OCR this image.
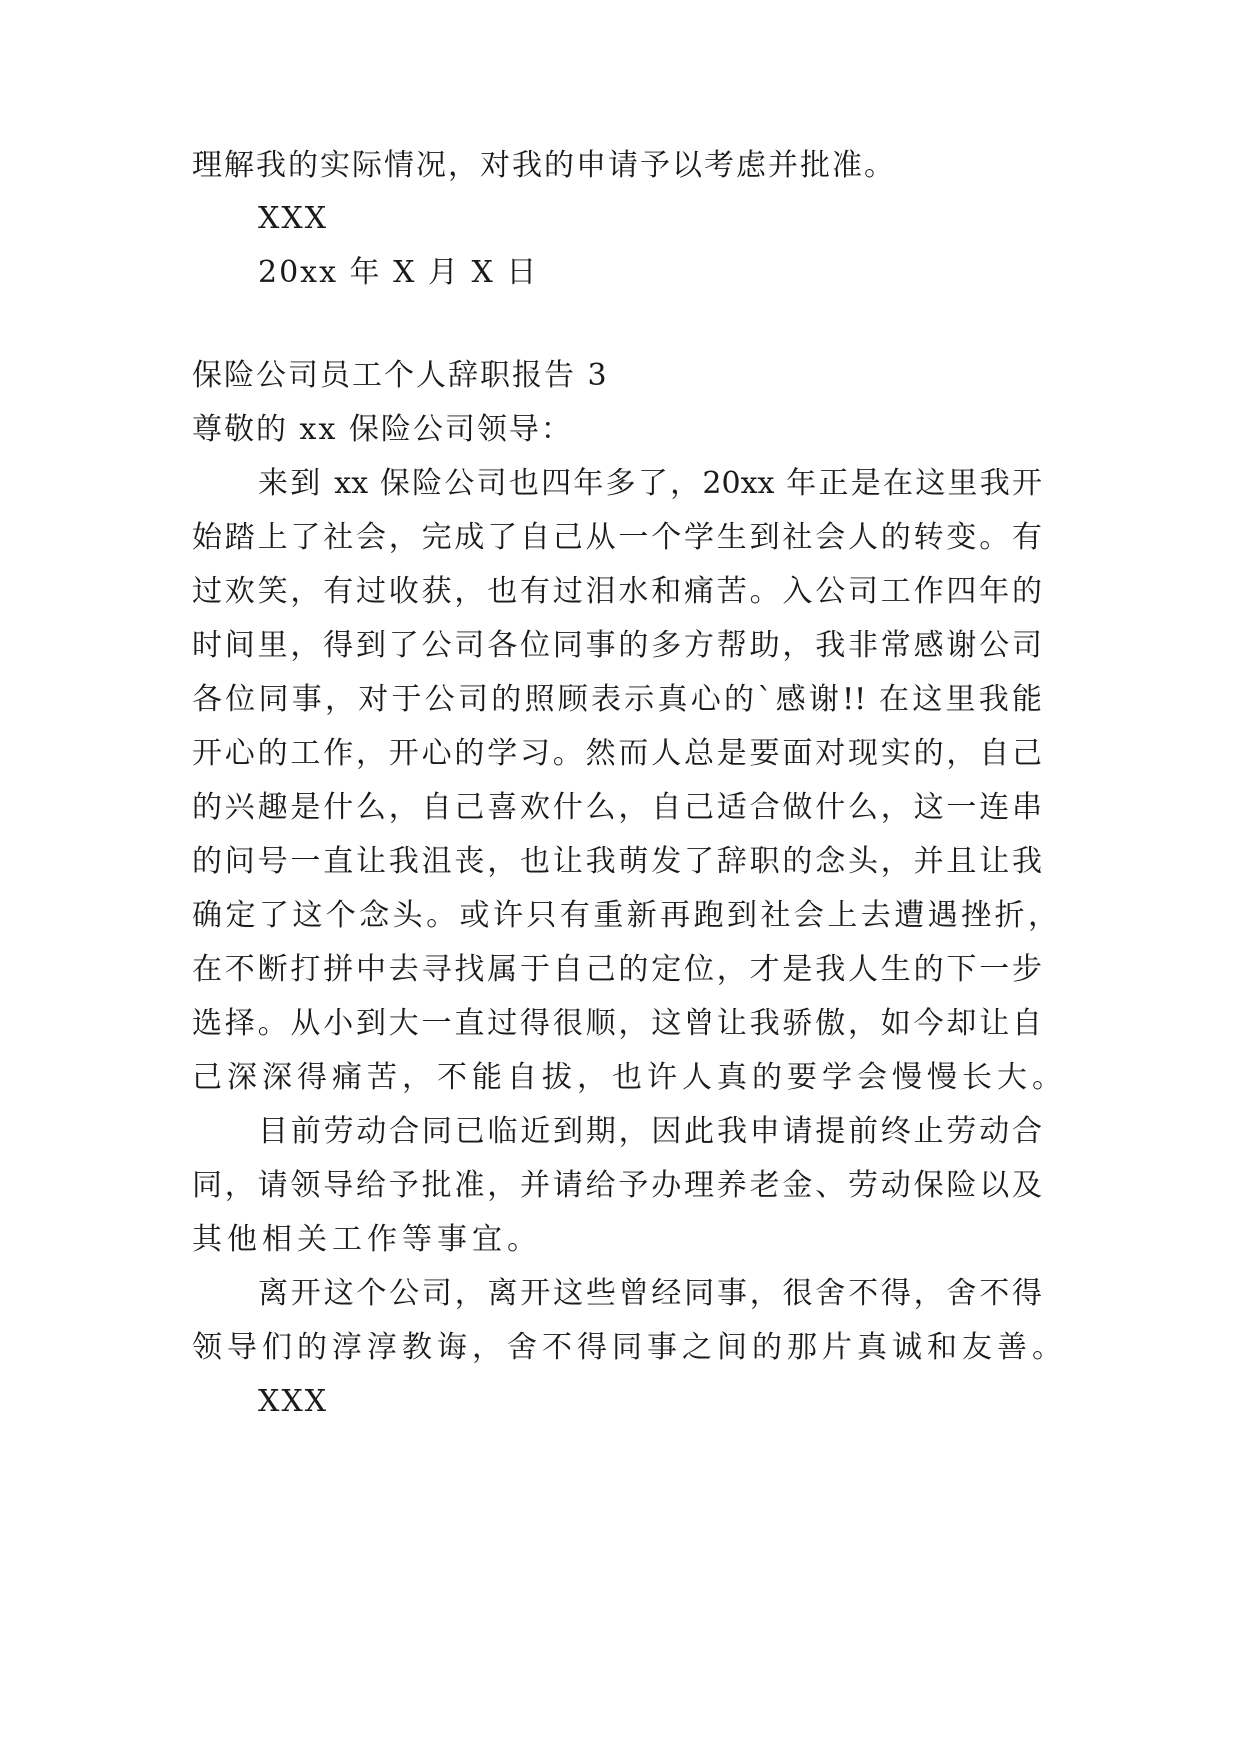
理解我的实际情况，对我的申请予以考虑并批准。
XXX
20xx 年 X 月 X 日
保险公司员工个人辞职报告 3
尊敬的 xx 保险公司领导：
来到 xx 保险公司也四年多了，20xx 年正是在这里我开
始踏上了社会，完成了自己从一个学生到社会人的转变。有
过欢笑，有过收获，也有过泪水和痛苦。入公司工作四年的
时间里，得到了公司各位同事的多方帮助，我非常感谢公司
各位同事，对于公司的照顾表示真心的`感谢!! 在这里我能
开心的工作，开心的学习。然而人总是要面对现实的，自己
的兴趣是什么，自己喜欢什么，自己适合做什么，这一连串
的问号一直让我沮丧，也让我萌发了辞职的念头，并且让我
确定了这个念头。或许只有重新再跑到社会上去遭遇挫折，
在不断打拼中去寻找属于自己的定位，才是我人生的下一步
选择。从小到大一直过得很顺，这曾让我骄傲，如今却让自
己深深得痛苦，不能自拔，也许人真的要学会慢慢长大。
目前劳动合同已临近到期，因此我申请提前终止劳动合
同，请领导给予批准，并请给予办理养老金、劳动保险以及
其他相关工作等事宜。
离开这个公司，离开这些曾经同事，很舍不得，舍不得
领导们的淳淳教诲，舍不得同事之间的那片真诚和友善。
XXX
